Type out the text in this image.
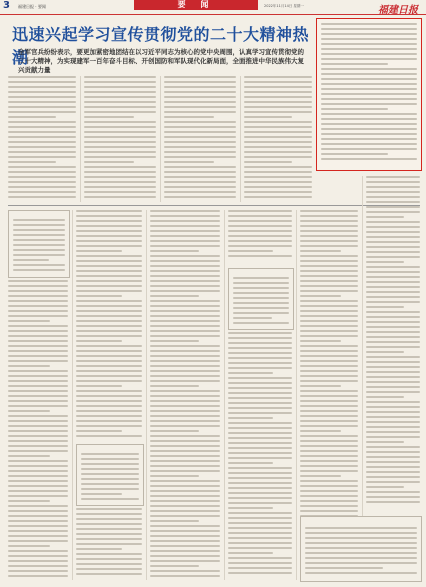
3 福建日报 · 要闻	要 闻	2022年11月14日 星期一	福建日报
迅速兴起学习宣传贯彻党的二十大精神热潮
全军官兵纷纷表示，要更加紧密地团结在以习近平同志为核心的党中央周围，认真学习宣传贯彻党的二十大精神，为实现建军一百年奋斗目标、开创国防和军队现代化新局面，全面推进中华民族伟大复兴贡献力量
